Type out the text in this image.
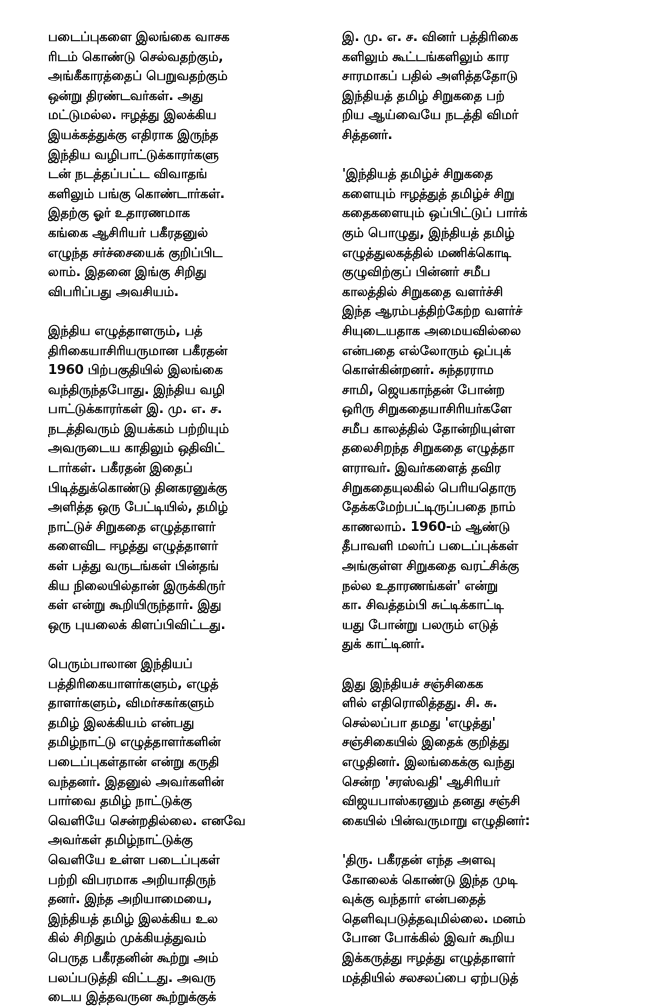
படைப்புகளை இலங்கை வாசக
ரிடம் கொண்டு செல்வதற்கும்,
அங்கீகாரத்தைப் பெறுவதற்கும்
ஒன்று திரண்டவர்கள். அது
மட்டுமல்ல. ஈழத்து இலக்கிய
இயக்கத்துக்கு எதிராக இருந்த
இந்திய வழிபாட்டுக்காரர்களு
டன் நடத்தப்பட்ட விவாதங்
களிலும் பங்கு கொண்டார்கள்.
இதற்கு ஓர் உதாரணமாக
கங்கை ஆசிரியர் பகீரதனுல்
எழுந்த சர்ச்சையைக் குறிப்பிட
லாம். இதனை இங்கு சிறிது
விபரிப்பது அவசியம்.

இந்திய எழுத்தாளரும், பத்
திரிகையாசிரியருமான பகீரதன்
1960 பிற்பகுதியில் இலங்கை
வந்திருந்தபோது. இந்திய வழி
பாட்டுக்காரர்கள் இ. மு. எ. ச.
நடத்திவரும் இயக்கம் பற்றியும்
அவருடைய காதிலும் ஒதிவிட்
டார்கள். பகீரதன் இதைப்
பிடித்துக்கொண்டு தினகரனுக்கு
அளித்த ஒரு பேட்டியில், தமிழ்
நாட்டுச் சிறுகதை எழுத்தாளர்
களைவிட ஈழத்து எழுத்தாளர்
கள் பத்து வருடங்கள் பின்தங்
கிய நிலையில்தான் இருக்கிருர்
கள் என்று கூறியிருந்தார். இது
ஒரு புயலைக் கிளப்பிவிட்டது.

பெரும்பாலான இந்தியப்
பத்திரிகையாளர்களும், எழுத்
தாளர்களும், விமர்சகர்களும்
தமிழ் இலக்கியம் என்பது
தமிழ்நாட்டு எழுத்தாளர்களின்
படைப்புகள்தான் என்று கருதி
வந்தனர். இதனுல் அவர்களின்
பார்வை தமிழ் நாட்டுக்கு
வெளியே சென்றதில்லை. எனவே
அவர்கள் தமிழ்நாட்டுக்கு
வெளியே உள்ள படைப்புகள்
பற்றி விபரமாக அறியாதிருந்
தனர். இந்த அறியாமையை,
இந்தியத் தமிழ் இலக்கிய உல
கில் சிறிதும் முக்கியத்துவம்
பெருத பகீரதனின் கூற்று அம்
பலப்படுத்தி விட்டது. அவரு
டைய இத்தவருன கூற்றுக்குக்

இ. மு. எ. ச. வினர் பத்திரிகை
களிலும் கூட்டங்களிலும் கார
சாரமாகப் பதில் அளித்ததோடு
இந்தியத் தமிழ் சிறுகதை பற்
றிய ஆய்வையே நடத்தி விமர்
சித்தனர்.

'இந்தியத் தமிழ்ச் சிறுகதை
களையும் ஈழத்துத் தமிழ்ச் சிறு
கதைகளையும் ஒப்பிட்டுப் பார்க்
கும் பொழுது, இந்தியத் தமிழ்
எழுத்துலகத்தில் மணிக்கொடி
குழுவிற்குப் பின்னர் சமீப
காலத்தில் சிறுகதை வளர்ச்சி
இந்த ஆரம்பத்திற்கேற்ற வளர்ச்
சியுடையதாக அமையவில்லை
என்பதை எல்லோரும் ஒப்புக்
கொள்கின்றனர். சுந்தரராம
சாமி, ஜெயகாந்தன் போன்ற
ஒரிரு சிறுகதையாசிரியர்களே
சமீப காலத்தில் தோன்றியுள்ள
தலைசிறந்த சிறுகதை எழுத்தா
ளராவர். இவர்களைத் தவிர
சிறுகதையுலகில் பெரியதொரு
தேக்கமேற்பட்டிருப்பதை நாம்
காணலாம். 1960-ம் ஆண்டு
தீபாவளி மலர்ப் படைப்புக்கள்
அங்குள்ள சிறுகதை வரட்சிக்கு
நல்ல உதாரணங்கள்' என்று
கா. சிவத்தம்பி சுட்டிக்காட்டி
யது போன்று பலரும் எடுத்
துக் காட்டினர்.

இது இந்தியச் சஞ்சிகைக
ளில் எதிரொலித்தது. சி. சு.
செல்லப்பா தமது 'எழுத்து'
சஞ்சிகையில் இதைக் குறித்து
எழுதினர். இலங்கைக்கு வந்து
சென்ற 'சரஸ்வதி' ஆசிரியர்
விஜயபாஸ்கரனும் தனது சஞ்சி
கையில் பின்வருமாறு எழுதினர்:

'திரு. பகீரதன் எந்த அளவு
கோலைக் கொண்டு இந்த முடி
வுக்கு வந்தார் என்பதைத்
தெளிவுபடுத்தவுமில்லை. மனம்
போன போக்கில் இவர் கூறிய
இக்கருத்து ஈழத்து எழுத்தாளர்
மத்தியில் சலசலப்பை ஏற்படுத்
